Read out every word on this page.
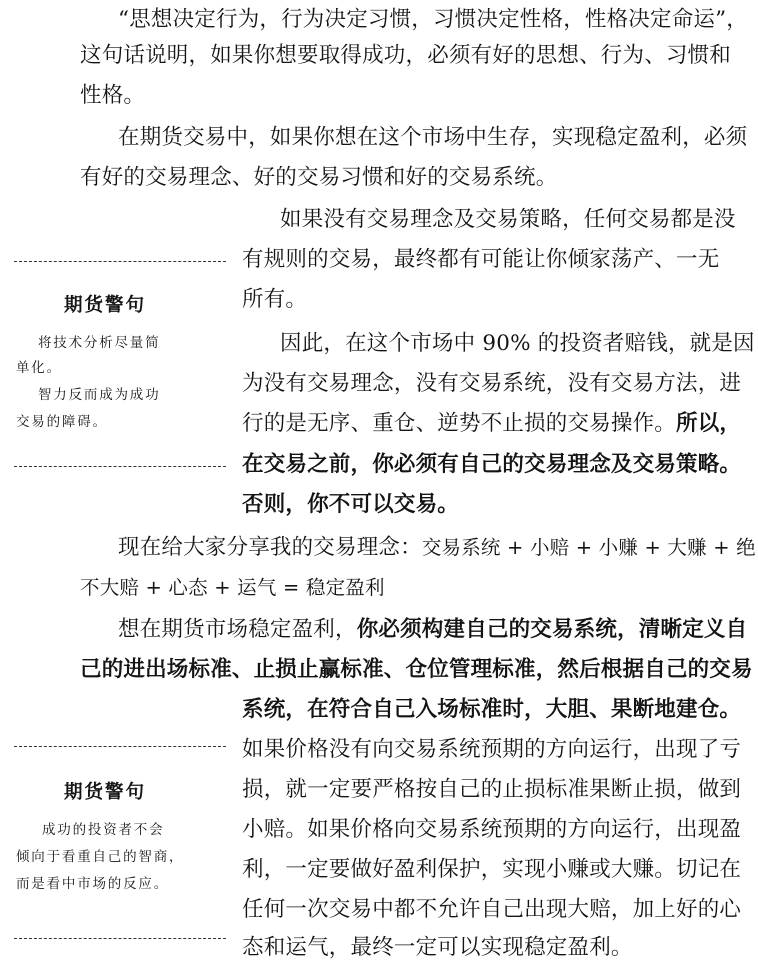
“思想决定行为，行为决定习惯，习惯决定性格，性格决定命运”，
这句话说明，如果你想要取得成功，必须有好的思想、行为、习惯和
性格。
在期货交易中，如果你想在这个市场中生存，实现稳定盈利，必须
有好的交易理念、好的交易习惯和好的交易系统。
如果没有交易理念及交易策略，任何交易都是没
有规则的交易，最终都有可能让你倾家荡产、一无
所有。
因此，在这个市场中 90% 的投资者赔钱，就是因
为没有交易理念，没有交易系统，没有交易方法，进
行的是无序、重仓、逆势不止损的交易操作。所以，
在交易之前，你必须有自己的交易理念及交易策略。
否则，你不可以交易。
现在给大家分享我的交易理念：交易系统 + 小赔 + 小赚 + 大赚 + 绝
不大赔 + 心态 + 运气 = 稳定盈利
想在期货市场稳定盈利，你必须构建自己的交易系统，清晰定义自
己的进出场标准、止损止赢标准、仓位管理标准，然后根据自己的交易
系统，在符合自己入场标准时，大胆、果断地建仓。
如果价格没有向交易系统预期的方向运行，出现了亏
损，就一定要严格按自己的止损标准果断止损，做到
小赔。如果价格向交易系统预期的方向运行，出现盈
利，一定要做好盈利保护，实现小赚或大赚。切记在
任何一次交易中都不允许自己出现大赔，加上好的心
态和运气，最终一定可以实现稳定盈利。
期货警句
将技术分析尽量简
单化。
智力反而成为成功
交易的障碍。
期货警句
成功的投资者不会
倾向于看重自己的智商，
而是看中市场的反应。
